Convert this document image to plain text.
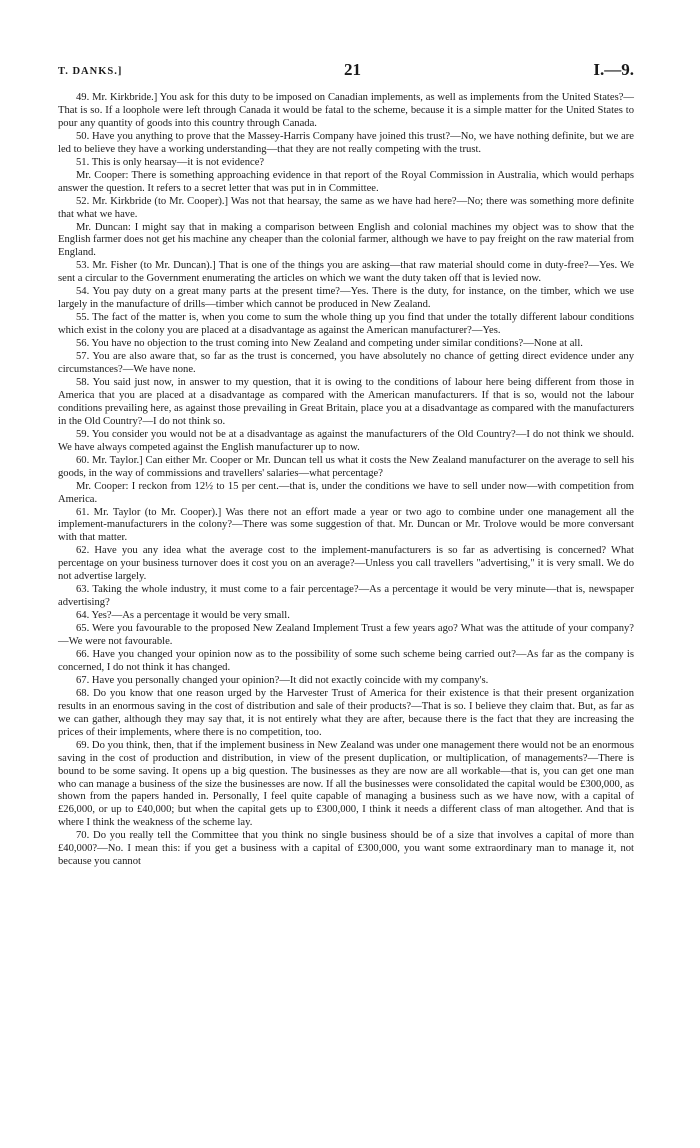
T. DANKS.]	21	I.—9.

49. Mr. Kirkbride.] You ask for this duty to be imposed on Canadian implements, as well as implements from the United States?—That is so. If a loophole were left through Canada it would be fatal to the scheme, because it is a simple matter for the United States to pour any quantity of goods into this country through Canada.

50. Have you anything to prove that the Massey-Harris Company have joined this trust?—No, we have nothing definite, but we are led to believe they have a working understanding—that they are not really competing with the trust.

51. This is only hearsay—it is not evidence?

Mr. Cooper: There is something approaching evidence in that report of the Royal Commission in Australia, which would perhaps answer the question. It refers to a secret letter that was put in in Committee.

52. Mr. Kirkbride (to Mr. Cooper).] Was not that hearsay, the same as we have had here?—No; there was something more definite that what we have.

Mr. Duncan: I might say that in making a comparison between English and colonial machines my object was to show that the English farmer does not get his machine any cheaper than the colonial farmer, although we have to pay freight on the raw material from England.

53. Mr. Fisher (to Mr. Duncan).] That is one of the things you are asking—that raw material should come in duty-free?—Yes. We sent a circular to the Government enumerating the articles on which we want the duty taken off that is levied now.

54. You pay duty on a great many parts at the present time?—Yes. There is the duty, for instance, on the timber, which we use largely in the manufacture of drills—timber which cannot be produced in New Zealand.

55. The fact of the matter is, when you come to sum the whole thing up you find that under the totally different labour conditions which exist in the colony you are placed at a disadvantage as against the American manufacturer?—Yes.

56. You have no objection to the trust coming into New Zealand and competing under similar conditions?—None at all.

57. You are also aware that, so far as the trust is concerned, you have absolutely no chance of getting direct evidence under any circumstances?—We have none.

58. You said just now, in answer to my question, that it is owing to the conditions of labour here being different from those in America that you are placed at a disadvantage as compared with the American manufacturers. If that is so, would not the labour conditions prevailing here, as against those prevailing in Great Britain, place you at a disadvantage as compared with the manufacturers in the Old Country?—I do not think so.

59. You consider you would not be at a disadvantage as against the manufacturers of the Old Country?—I do not think we should. We have always competed against the English manufacturer up to now.

60. Mr. Taylor.] Can either Mr. Cooper or Mr. Duncan tell us what it costs the New Zealand manufacturer on the average to sell his goods, in the way of commissions and travellers' salaries—what percentage?

Mr. Cooper: I reckon from 12½ to 15 per cent.—that is, under the conditions we have to sell under now—with competition from America.

61. Mr. Taylor (to Mr. Cooper).] Was there not an effort made a year or two ago to combine under one management all the implement-manufacturers in the colony?—There was some suggestion of that. Mr. Duncan or Mr. Trolove would be more conversant with that matter.

62. Have you any idea what the average cost to the implement-manufacturers is so far as advertising is concerned? What percentage on your business turnover does it cost you on an average?—Unless you call travellers "advertising," it is very small. We do not advertise largely.

63. Taking the whole industry, it must come to a fair percentage?—As a percentage it would be very minute—that is, newspaper advertising?

64. Yes?—As a percentage it would be very small.

65. Were you favourable to the proposed New Zealand Implement Trust a few years ago? What was the attitude of your company?—We were not favourable.

66. Have you changed your opinion now as to the possibility of some such scheme being carried out?—As far as the company is concerned, I do not think it has changed.

67. Have you personally changed your opinion?—It did not exactly coincide with my company's.

68. Do you know that one reason urged by the Harvester Trust of America for their existence is that their present organization results in an enormous saving in the cost of distribution and sale of their products?—That is so. I believe they claim that. But, as far as we can gather, although they may say that, it is not entirely what they are after, because there is the fact that they are increasing the prices of their implements, where there is no competition, too.

69. Do you think, then, that if the implement business in New Zealand was under one management there would not be an enormous saving in the cost of production and distribution, in view of the present duplication, or multiplication, of managements?—There is bound to be some saving. It opens up a big question. The businesses as they are now are all workable—that is, you can get one man who can manage a business of the size the businesses are now. If all the businesses were consolidated the capital would be £300,000, as shown from the papers handed in. Personally, I feel quite capable of managing a business such as we have now, with a capital of £26,000, or up to £40,000; but when the capital gets up to £300,000, I think it needs a different class of man altogether. And that is where I think the weakness of the scheme lay.

70. Do you really tell the Committee that you think no single business should be of a size that involves a capital of more than £40,000?—No. I mean this: if you get a business with a capital of £300,000, you want some extraordinary man to manage it, not because you cannot
